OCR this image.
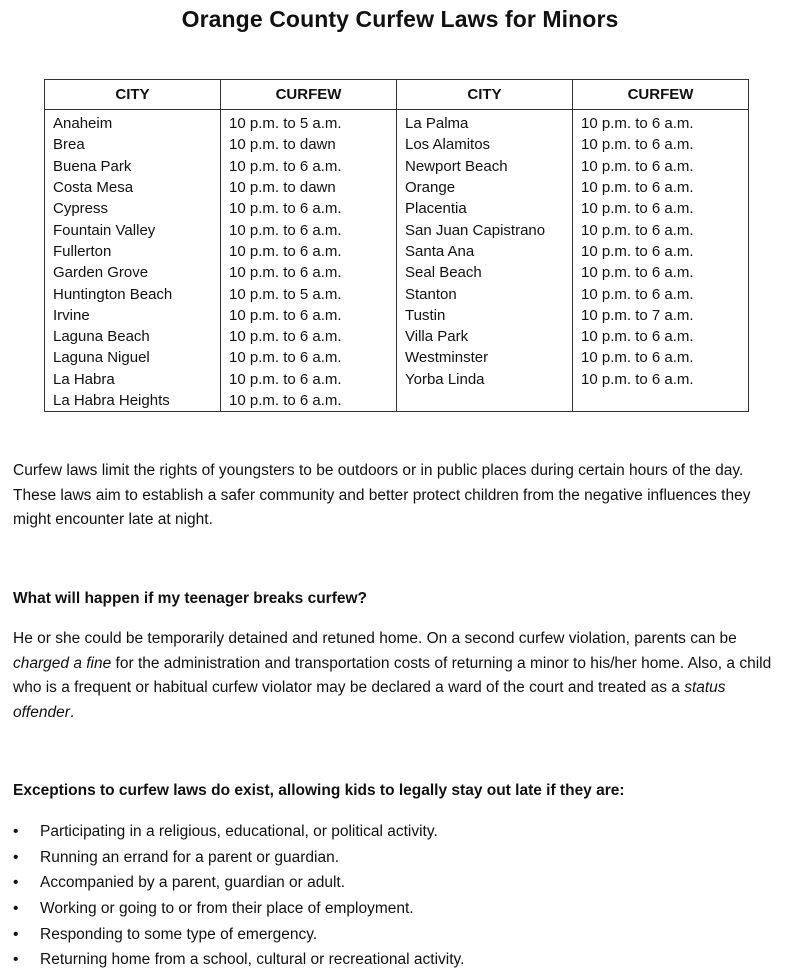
Orange County Curfew Laws for Minors
CITY	CURFEW	CITY	CURFEW
Anaheim	10 p.m. to 5 a.m.	La Palma	10 p.m. to 6 a.m.
Brea	10 p.m. to dawn	Los Alamitos	10 p.m. to 6 a.m.
Buena Park	10 p.m. to 6 a.m.	Newport Beach	10 p.m. to 6 a.m.
Costa Mesa	10 p.m. to dawn	Orange	10 p.m. to 6 a.m.
Cypress	10 p.m. to 6 a.m.	Placentia	10 p.m. to 6 a.m.
Fountain Valley	10 p.m. to 6 a.m.	San Juan Capistrano	10 p.m. to 6 a.m.
Fullerton	10 p.m. to 6 a.m.	Santa Ana	10 p.m. to 6 a.m.
Garden Grove	10 p.m. to 6 a.m.	Seal Beach	10 p.m. to 6 a.m.
Huntington Beach	10 p.m. to 5 a.m.	Stanton	10 p.m. to 6 a.m.
Irvine	10 p.m. to 6 a.m.	Tustin	10 p.m. to 7 a.m.
Laguna Beach	10 p.m. to 6 a.m.	Villa Park	10 p.m. to 6 a.m.
Laguna Niguel	10 p.m. to 6 a.m.	Westminster	10 p.m. to 6 a.m.
La Habra	10 p.m. to 6 a.m.	Yorba Linda	10 p.m. to 6 a.m.
La Habra Heights	10 p.m. to 6 a.m.		

Curfew laws limit the rights of youngsters to be outdoors or in public places during certain hours of the day. These laws aim to establish a safer community and better protect children from the negative influences they might encounter late at night.

What will happen if my teenager breaks curfew?

He or she could be temporarily detained and retuned home. On a second curfew violation, parents can be charged a fine for the administration and transportation costs of returning a minor to his/her home. Also, a child who is a frequent or habitual curfew violator may be declared a ward of the court and treated as a status offender.

Exceptions to curfew laws do exist, allowing kids to legally stay out late if they are:

• Participating in a religious, educational, or political activity.
• Running an errand for a parent or guardian.
• Accompanied by a parent, guardian or adult.
• Working or going to or from their place of employment.
• Responding to some type of emergency.
• Returning home from a school, cultural or recreational activity.
